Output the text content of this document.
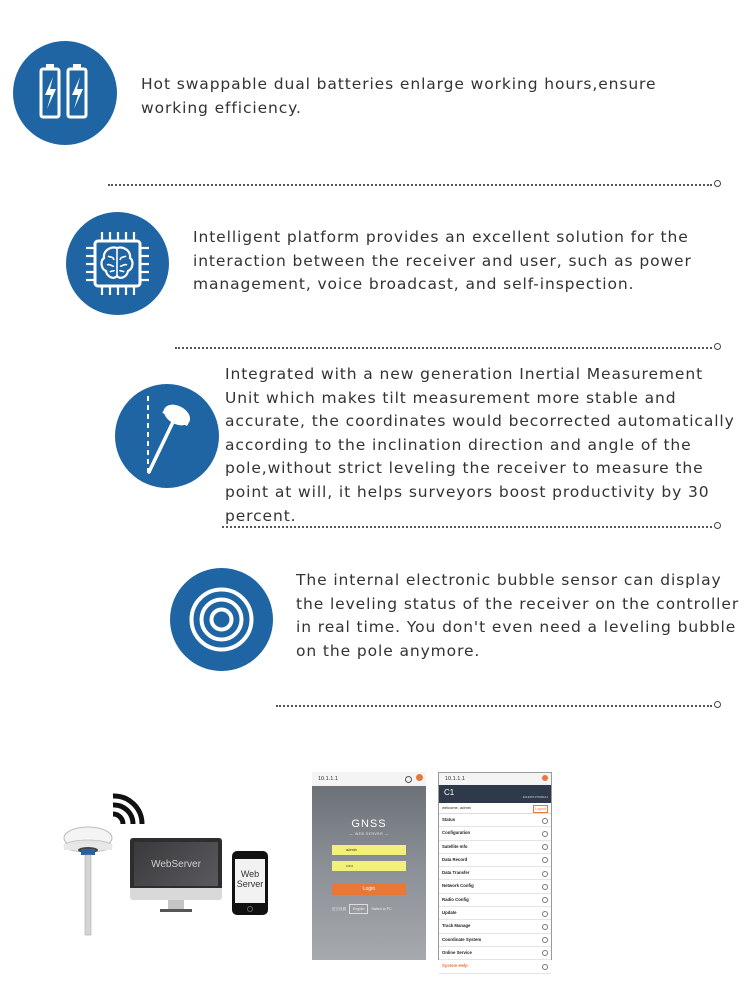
Hot swappable dual batteries enlarge working hours,ensure working efficiency.
Intelligent platform provides an excellent solution for the interaction between the receiver and user, such as power management, voice broadcast, and self-inspection.
Integrated with a new generation Inertial Measurement Unit which makes tilt measurement more stable and accurate, the coordinates would becorrected automatically according to the inclination direction and angle of the pole,without strict leveling the receiver to measure the point at will, it helps surveyors boost productivity by 30 percent.
The internal electronic bubble sensor can display the leveling status of the receiver on the controller in real time. You don't even need a leveling bubble on the pole anymore.
WebServer
Web
Server
10.1.1.1
GNSS
— WEB SERVER —
admin
•••••
Login
语言设置 English Switch to PC
10.1.1.1
C1	2213697170000A1
welcome, admin	Logout
Status
Configuration
Satellite Info
Data Record
Data Transfer
Network Config
Radio Config
Update
Track Manage
Coordinate System
Online Service
System Help
